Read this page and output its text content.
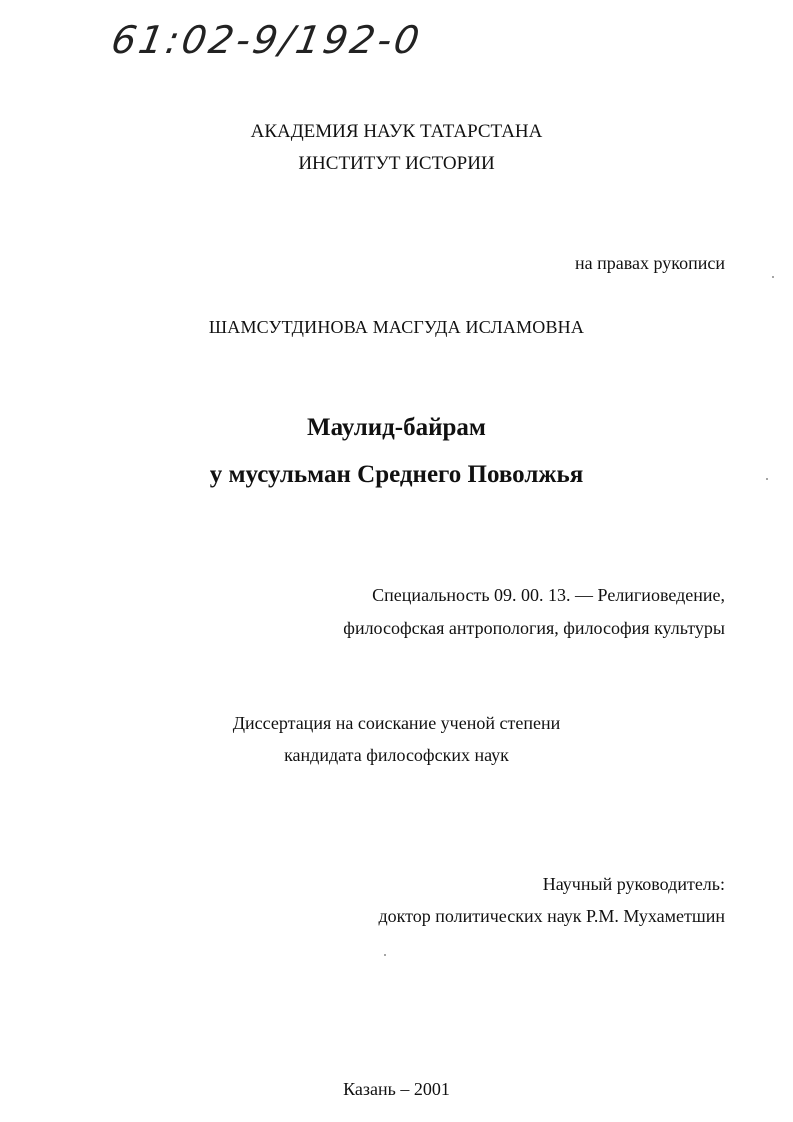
61:02-9/192-0
АКАДЕМИЯ НАУК ТАТАРСТАНА
ИНСТИТУТ ИСТОРИИ
на правах рукописи
ШАМСУТДИНОВА МАСГУДА ИСЛАМОВНА
Маулид-байрам
у мусульман Среднего Поволжья
Специальность 09. 00. 13. — Религиоведение,
философская антропология, философия культуры
Диссертация на соискание ученой степени
кандидата философских наук
Научный руководитель:
доктор политических наук Р.М. Мухаметшин
Казань – 2001
